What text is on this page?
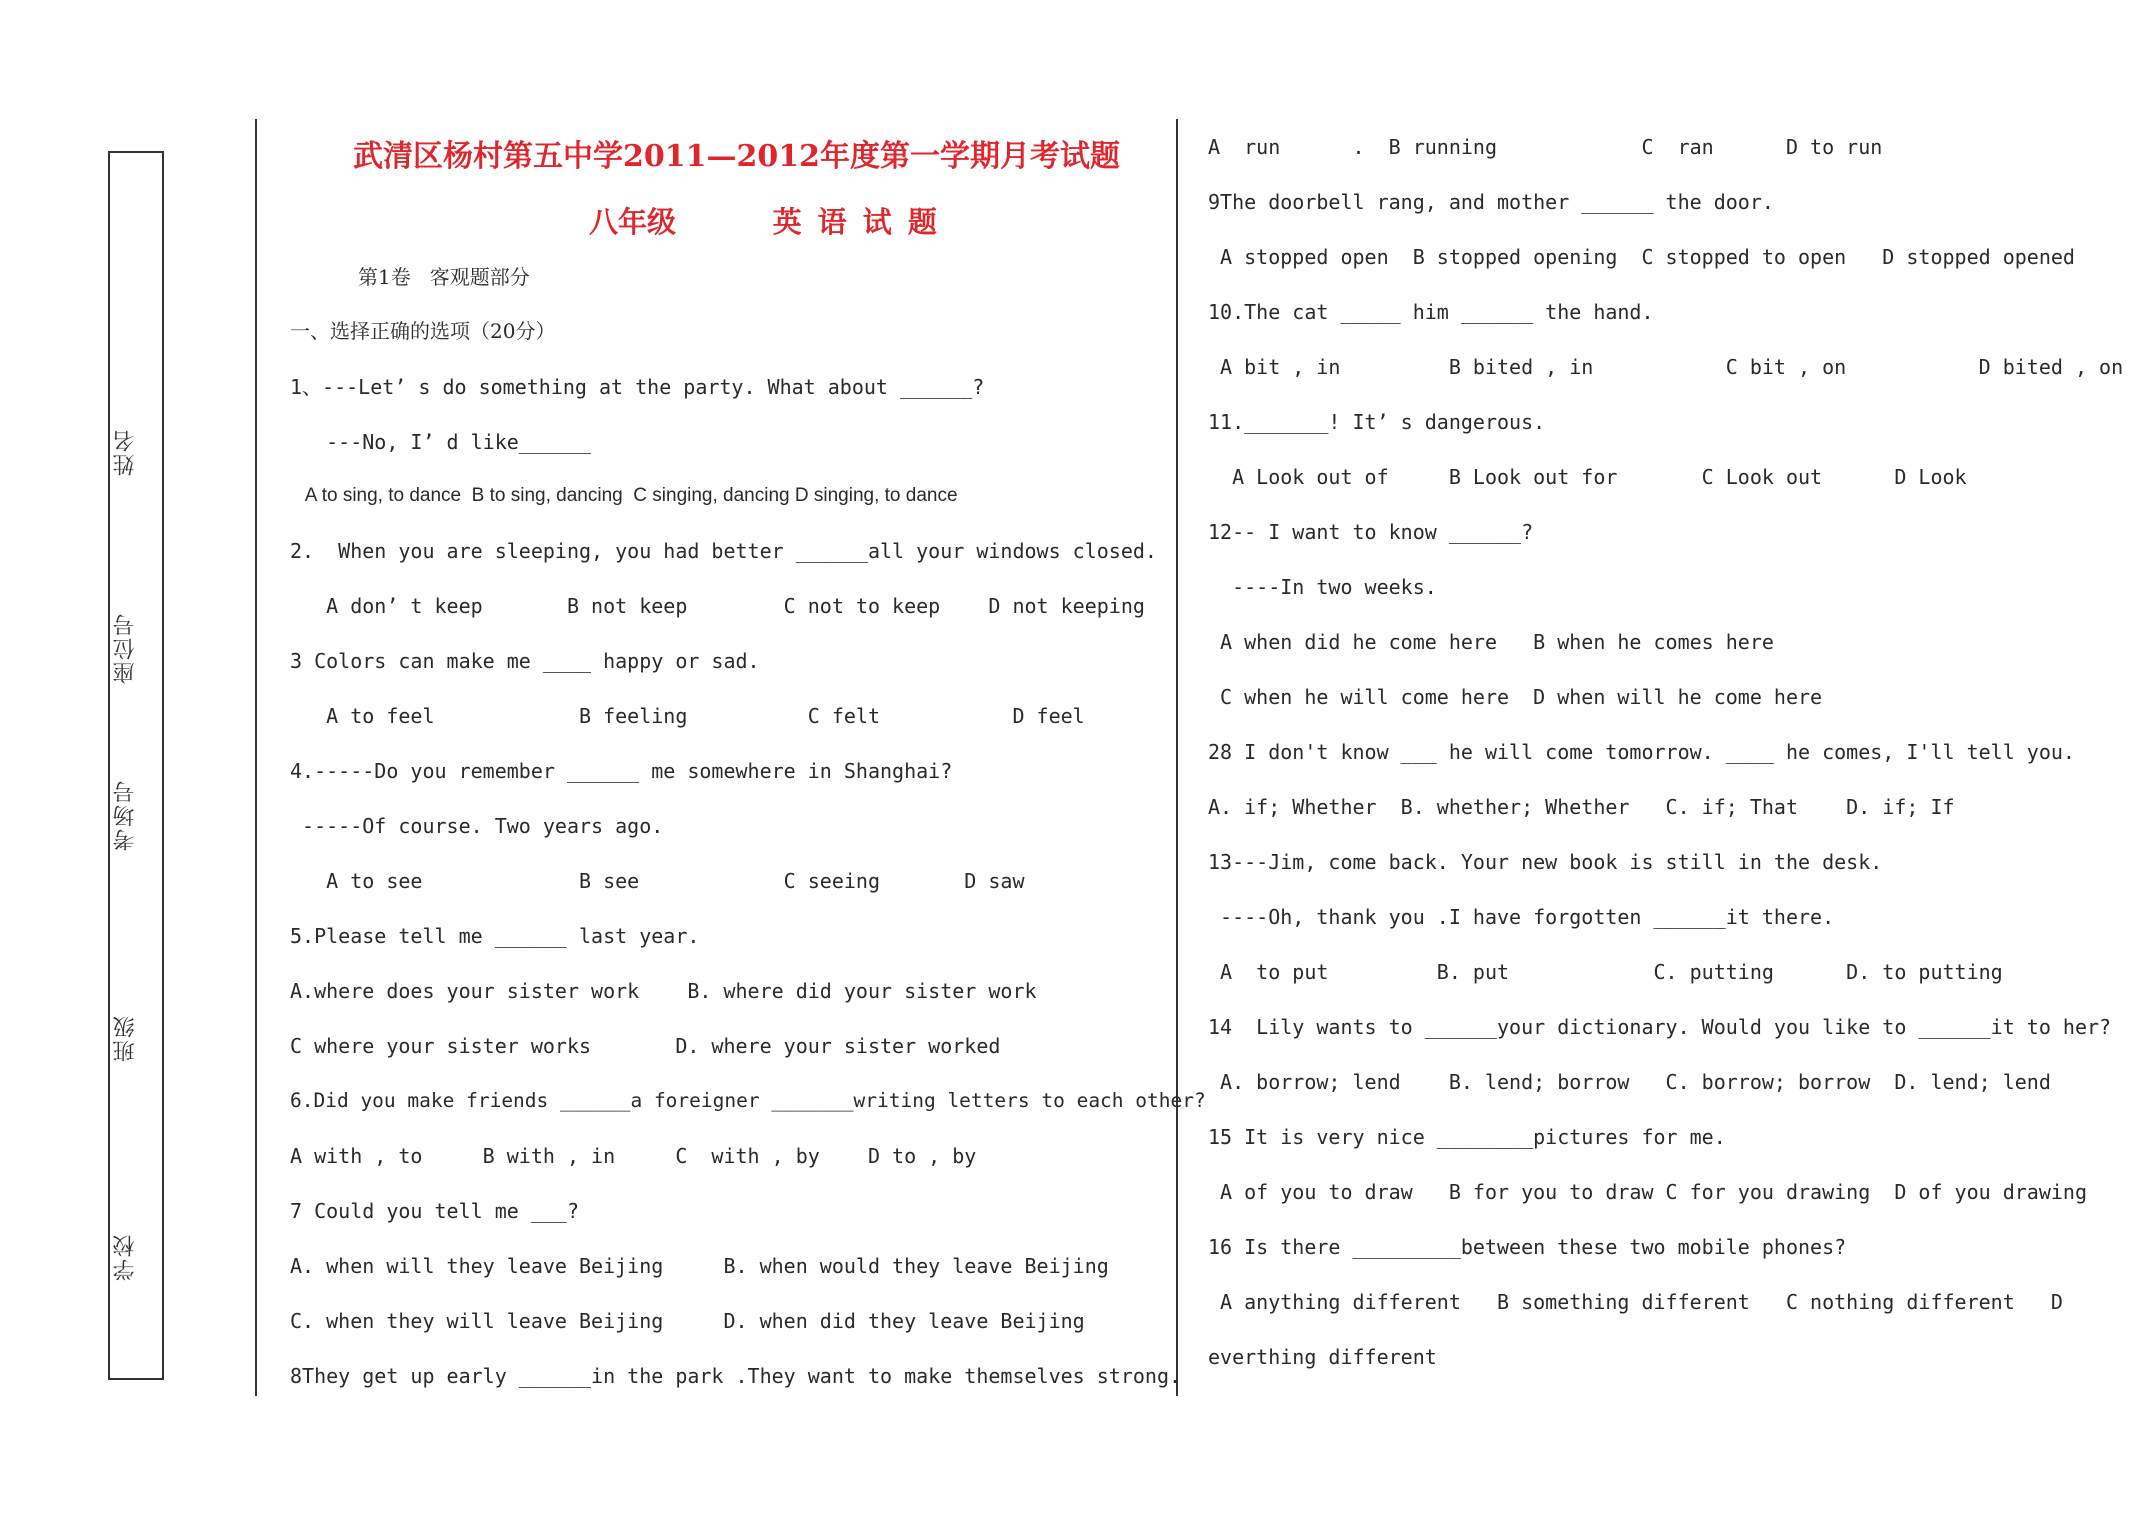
姓名
座位号
考场号
班级
学校
武清区杨村第五中学2011—2012年度第一学期月考试题
八年级      英 语 试 题

第1卷   客观题部分

一、选择正确的选项（20分）

1、---Let’ s do something at the party. What about ______?

---No, I’ d like______

A to sing, to dance  B to sing, dancing  C singing, dancing D singing, to dance

2.  When you are sleeping, you had better ______all your windows closed.

A don’ t keep       B not keep        C not to keep    D not keeping

3 Colors can make me ____ happy or sad.

A to feel            B feeling          C felt           D feel

4.-----Do you remember ______ me somewhere in Shanghai?

-----Of course. Two years ago.

A to see             B see            C seeing       D saw

5.Please tell me ______ last year.

A.where does your sister work    B. where did your sister work

C where your sister works       D. where your sister worked

6.Did you make friends ______a foreigner _______writing letters to each other?

A with , to     B with , in     C  with , by    D to , by

7 Could you tell me ___?

A. when will they leave Beijing     B. when would they leave Beijing

C. when they will leave Beijing     D. when did they leave Beijing

8They get up early ______in the park .They want to make themselves strong.

A  run      .  B running            C  ran      D to run

9The doorbell rang, and mother ______ the door.

A stopped open  B stopped opening  C stopped to open   D stopped opened

10.The cat _____ him ______ the hand.

A bit , in         B bited , in           C bit , on           D bited , on

11._______! It’ s dangerous.

A Look out of     B Look out for       C Look out      D Look

12-- I want to know ______?

----In two weeks.

A when did he come here   B when he comes here

C when he will come here  D when will he come here

28 I don't know ___ he will come tomorrow. ____ he comes, I'll tell you.

A. if; Whether  B. whether; Whether   C. if; That    D. if; If

13---Jim, come back. Your new book is still in the desk.

----Oh, thank you .I have forgotten ______it there.

A  to put         B. put            C. putting      D. to putting

14  Lily wants to ______your dictionary. Would you like to ______it to her?

A. borrow; lend    B. lend; borrow   C. borrow; borrow  D. lend; lend

15 It is very nice ________pictures for me.

A of you to draw   B for you to draw C for you drawing  D of you drawing

16 Is there _________between these two mobile phones?

A anything different   B something different   C nothing different   D

everthing different
